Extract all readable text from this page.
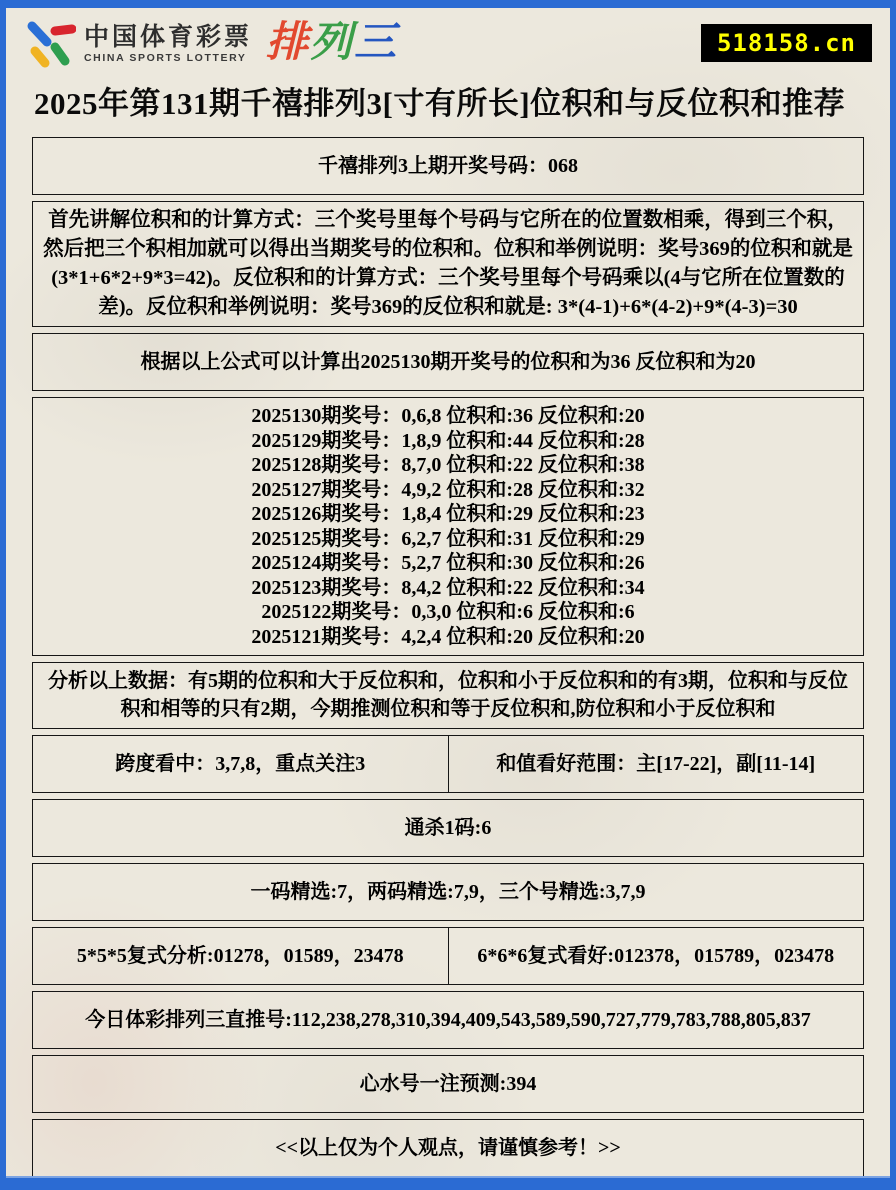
中国体育彩票
CHINA SPORTS LOTTERY 排列三	518158.cn
2025年第131期千禧排列3[寸有所长]位积和与反位积和推荐
千禧排列3上期开奖号码：068
首先讲解位积和的计算方式：三个奖号里每个号码与它所在的位置数相乘，得到三个积，然后把三个积相加就可以得出当期奖号的位积和。位积和举例说明：奖号369的位积和就是(3*1+6*2+9*3=42)。反位积和的计算方式：三个奖号里每个号码乘以(4与它所在位置数的差)。反位积和举例说明：奖号369的反位积和就是: 3*(4-1)+6*(4-2)+9*(4-3)=30
根据以上公式可以计算出2025130期开奖号的位积和为36 反位积和为20
2025130期奖号：0,6,8 位积和:36 反位积和:20
2025129期奖号：1,8,9 位积和:44 反位积和:28
2025128期奖号：8,7,0 位积和:22 反位积和:38
2025127期奖号：4,9,2 位积和:28 反位积和:32
2025126期奖号：1,8,4 位积和:29 反位积和:23
2025125期奖号：6,2,7 位积和:31 反位积和:29
2025124期奖号：5,2,7 位积和:30 反位积和:26
2025123期奖号：8,4,2 位积和:22 反位积和:34
2025122期奖号：0,3,0 位积和:6 反位积和:6
2025121期奖号：4,2,4 位积和:20 反位积和:20
分析以上数据：有5期的位积和大于反位积和，位积和小于反位积和的有3期，位积和与反位积和相等的只有2期，今期推测位积和等于反位积和,防位积和小于反位积和
跨度看中：3,7,8，重点关注3	和值看好范围：主[17-22]，副[11-14]
通杀1码:6
一码精选:7，两码精选:7,9，三个号精选:3,7,9
5*5*5复式分析:01278，01589，23478	6*6*6复式看好:012378，015789，023478
今日体彩排列三直推号:112,238,278,310,394,409,543,589,590,727,779,783,788,805,837
心水号一注预测:394
<<以上仅为个人观点，请谨慎参考！>>
